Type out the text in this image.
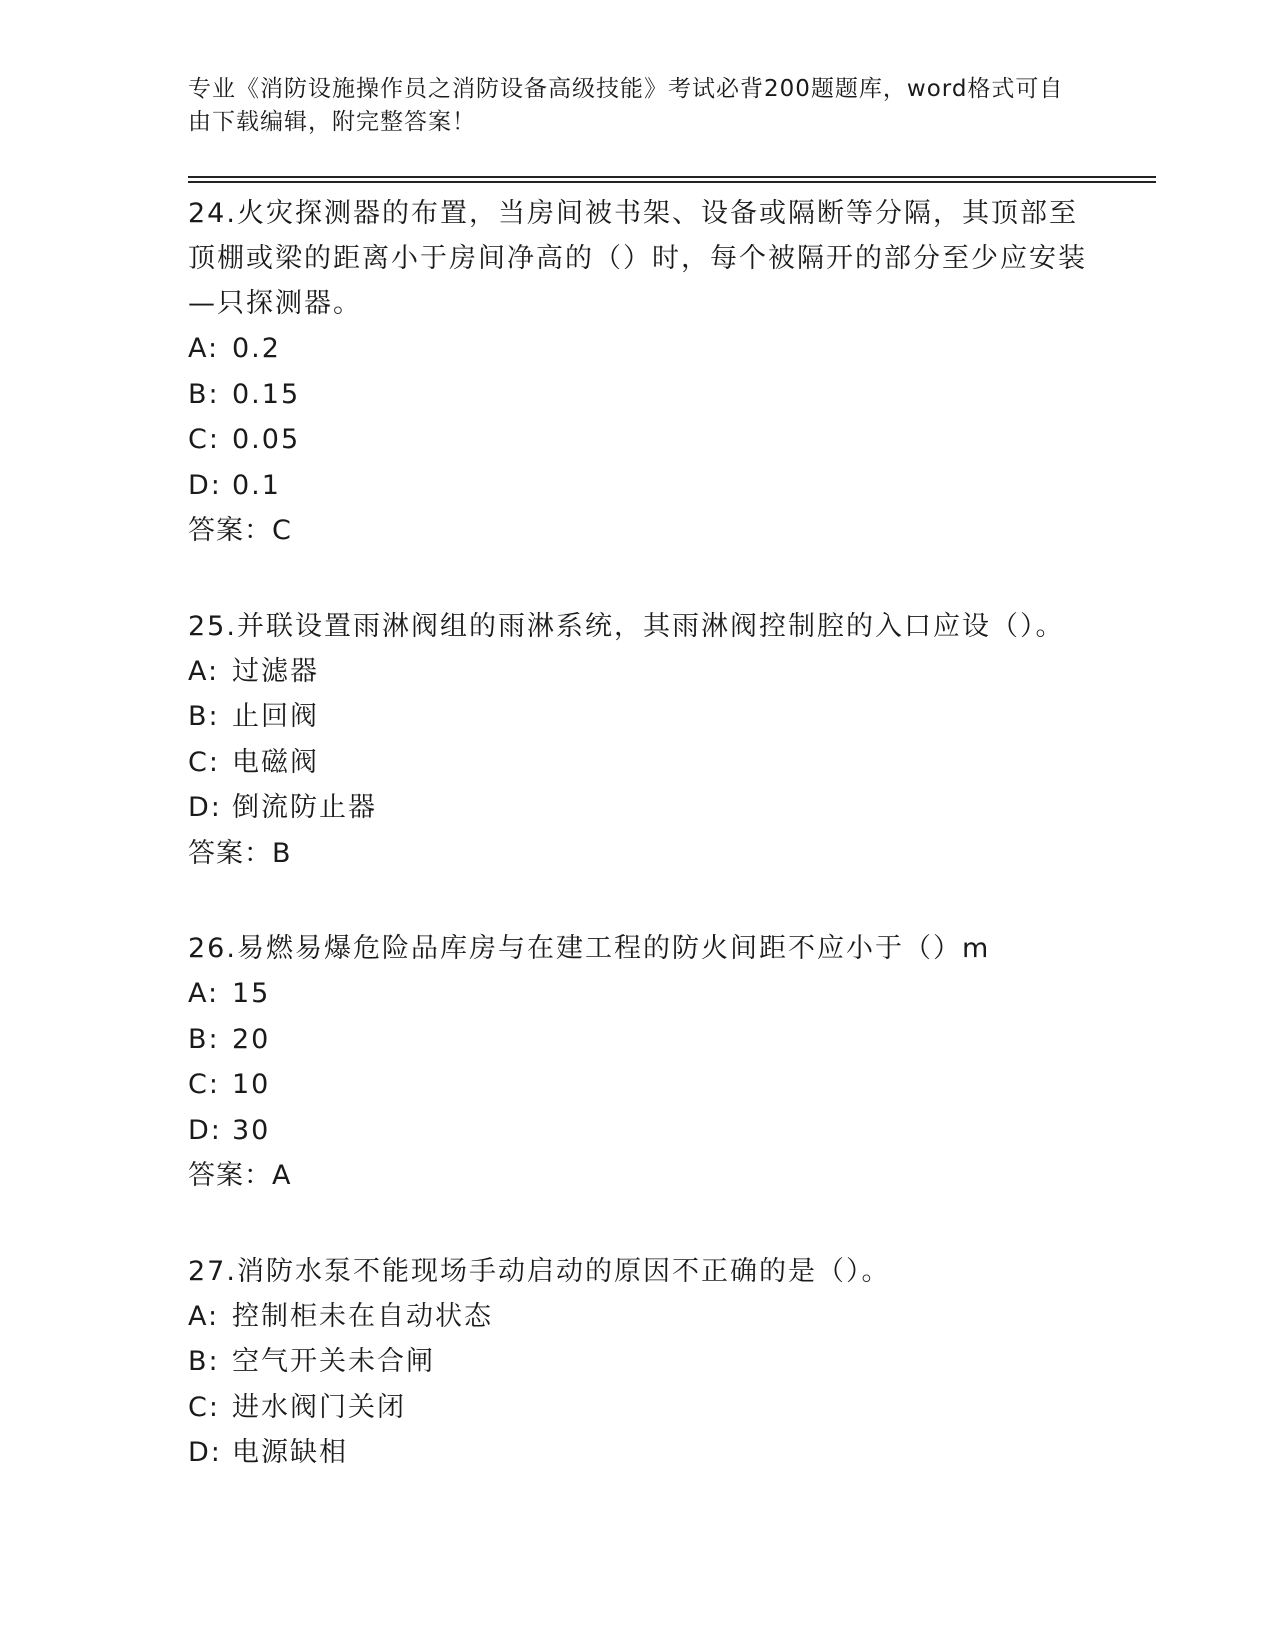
专业《消防设施操作员之消防设备高级技能》考试必背200题题库，word格式可自由下载编辑，附完整答案！

24.火灾探测器的布置，当房间被书架、设备或隔断等分隔，其顶部至顶棚或梁的距离小于房间净高的（）时，每个被隔开的部分至少应安装—只探测器。

A: 0.2
B: 0.15
C: 0.05
D: 0.1
答案：C

25.并联设置雨淋阀组的雨淋系统，其雨淋阀控制腔的入口应设（）。

A: 过滤器
B: 止回阀
C: 电磁阀
D: 倒流防止器
答案：B

26.易燃易爆危险品库房与在建工程的防火间距不应小于（）m

A: 15
B: 20
C: 10
D: 30
答案：A

27.消防水泵不能现场手动启动的原因不正确的是（）。

A: 控制柜未在自动状态
B: 空气开关未合闸
C: 进水阀门关闭
D: 电源缺相
